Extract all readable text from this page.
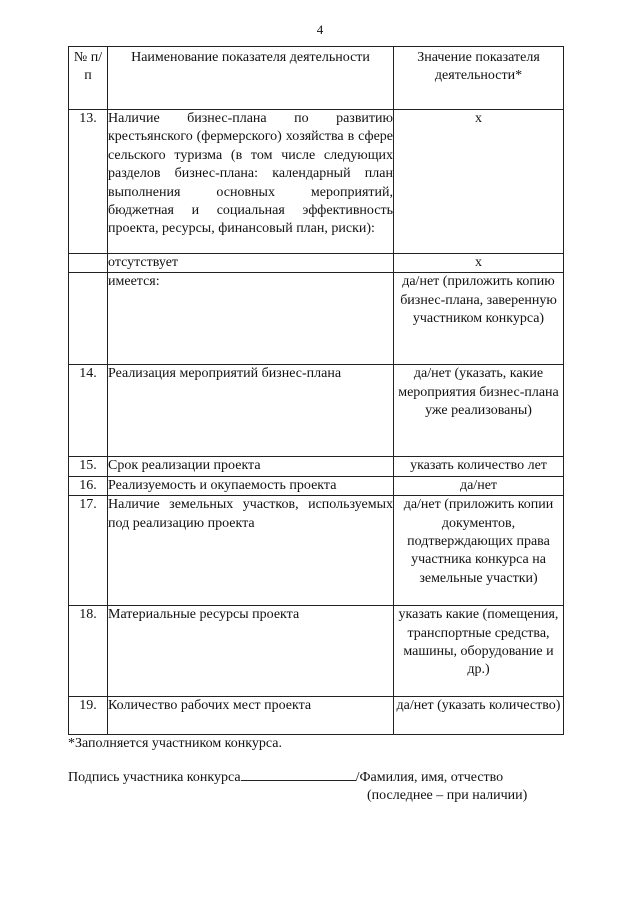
4
№ п/п	Наименование показателя деятельности	Значение показателя деятельности*
13.	Наличие бизнес-плана по развитию крестьянского (фермерского) хозяйства в сфере сельского туризма (в том числе следующих разделов бизнес-плана: календарный план выполнения основных мероприятий, бюджетная и социальная эффективность проекта, ресурсы, финансовый план, риски):	х
	отсутствует	х
	имеется:	да/нет (приложить копию бизнес-плана, заверенную участником конкурса)
14.	Реализация мероприятий бизнес-плана	да/нет (указать, какие мероприятия бизнес-плана уже реализованы)
15.	Срок реализации проекта	указать количество лет
16.	Реализуемость и окупаемость проекта	да/нет
17.	Наличие земельных участков, используемых под реализацию проекта	да/нет (приложить копии документов, подтверждающих права участника конкурса на земельные участки)
18.	Материальные ресурсы проекта	указать какие (помещения, транспортные средства, машины, оборудование и др.)
19.	Количество рабочих мест проекта	да/нет (указать количество)
*Заполняется участником конкурса.
Подпись участника конкурса	/Фамилия, имя, отчество
(последнее – при наличии)
